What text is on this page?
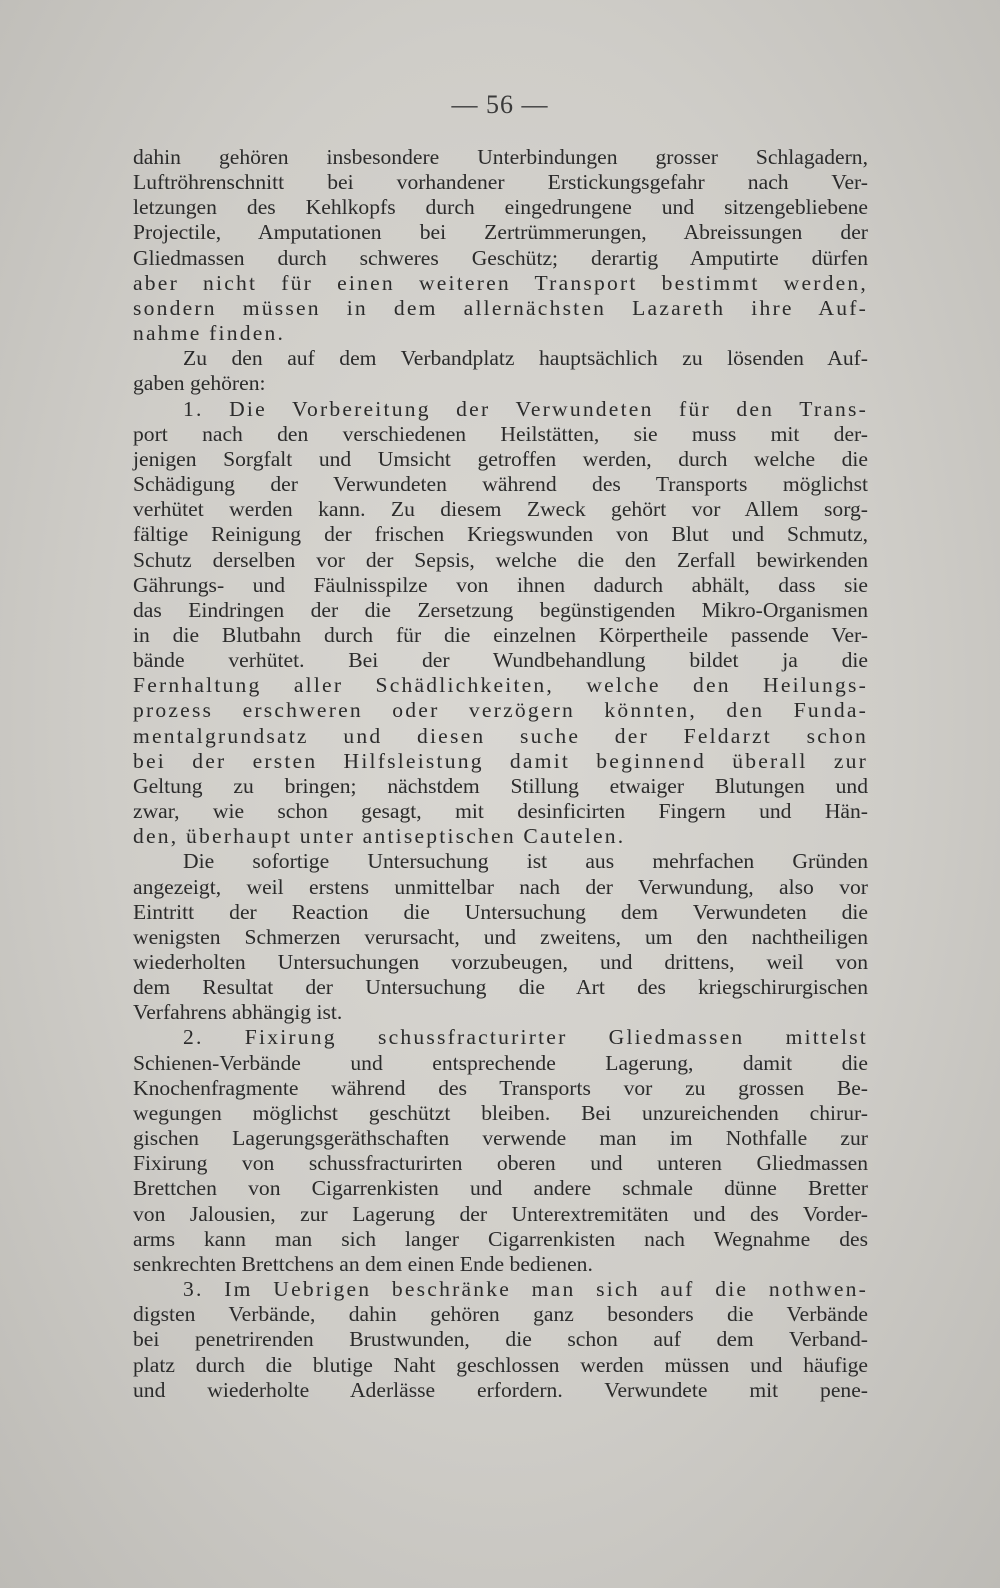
— 56 —
dahin gehören insbesondere Unterbindungen grosser Schlagadern,
Luftröhrenschnitt bei vorhandener Erstickungsgefahr nach Ver-
letzungen des Kehlkopfs durch eingedrungene und sitzengebliebene
Projectile, Amputationen bei Zertrümmerungen, Abreissungen der
Gliedmassen durch schweres Geschütz; derartig Amputirte dürfen
aber nicht für einen weiteren Transport bestimmt werden,
sondern müssen in dem allernächsten Lazareth ihre Auf-
nahme finden.
Zu den auf dem Verbandplatz hauptsächlich zu lösenden Auf-
gaben gehören:
1. Die Vorbereitung der Verwundeten für den Trans-
port nach den verschiedenen Heilstätten, sie muss mit der-
jenigen Sorgfalt und Umsicht getroffen werden, durch welche die
Schädigung der Verwundeten während des Transports möglichst
verhütet werden kann. Zu diesem Zweck gehört vor Allem sorg-
fältige Reinigung der frischen Kriegswunden von Blut und Schmutz,
Schutz derselben vor der Sepsis, welche die den Zerfall bewirkenden
Gährungs- und Fäulnisspilze von ihnen dadurch abhält, dass sie
das Eindringen der die Zersetzung begünstigenden Mikro-Organismen
in die Blutbahn durch für die einzelnen Körpertheile passende Ver-
bände verhütet. Bei der Wundbehandlung bildet ja die
Fernhaltung aller Schädlichkeiten, welche den Heilungs-
prozess erschweren oder verzögern könnten, den Funda-
mentalgrundsatz und diesen suche der Feldarzt schon
bei der ersten Hilfsleistung damit beginnend überall zur
Geltung zu bringen; nächstdem Stillung etwaiger Blutungen und
zwar, wie schon gesagt, mit desinficirten Fingern und Hän-
den, überhaupt unter antiseptischen Cautelen.
Die sofortige Untersuchung ist aus mehrfachen Gründen
angezeigt, weil erstens unmittelbar nach der Verwundung, also vor
Eintritt der Reaction die Untersuchung dem Verwundeten die
wenigsten Schmerzen verursacht, und zweitens, um den nachtheiligen
wiederholten Untersuchungen vorzubeugen, und drittens, weil von
dem Resultat der Untersuchung die Art des kriegschirurgischen
Verfahrens abhängig ist.
2. Fixirung schussfracturirter Gliedmassen mittelst
Schienen-Verbände und entsprechende Lagerung, damit die
Knochenfragmente während des Transports vor zu grossen Be-
wegungen möglichst geschützt bleiben. Bei unzureichenden chirur-
gischen Lagerungsgeräthschaften verwende man im Nothfalle zur
Fixirung von schussfracturirten oberen und unteren Gliedmassen
Brettchen von Cigarrenkisten und andere schmale dünne Bretter
von Jalousien, zur Lagerung der Unterextremitäten und des Vorder-
arms kann man sich langer Cigarrenkisten nach Wegnahme des
senkrechten Brettchens an dem einen Ende bedienen.
3. Im Uebrigen beschränke man sich auf die nothwen-
digsten Verbände, dahin gehören ganz besonders die Verbände
bei penetrirenden Brustwunden, die schon auf dem Verband-
platz durch die blutige Naht geschlossen werden müssen und häufige
und wiederholte Aderlässe erfordern. Verwundete mit pene-
